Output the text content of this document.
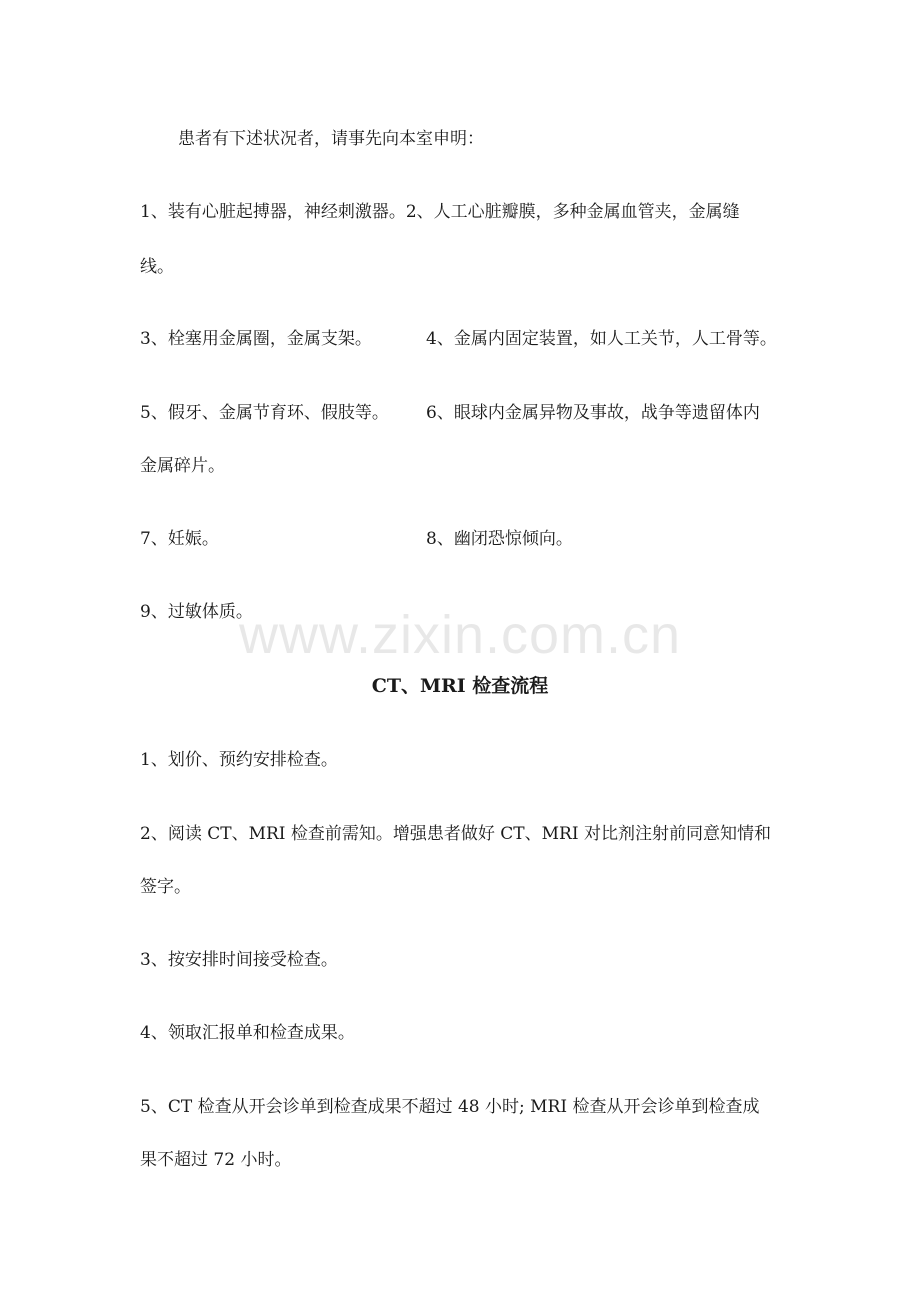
患者有下述状况者，请事先向本室申明：
1、装有心脏起搏器，神经刺激器。2、人工心脏瓣膜，多种金属血管夹，金属缝
线。
3、栓塞用金属圈，金属支架。	4、金属内固定装置，如人工关节，人工骨等。
5、假牙、金属节育环、假肢等。 6、眼球内金属异物及事故，战争等遗留体内
金属碎片。
7、妊娠。	8、幽闭恐惊倾向。
9、过敏体质。
www.zixin.com.cn
CT、MRI 检查流程
1、划价、预约安排检查。
2、阅读 CT、MRI 检查前需知。增强患者做好 CT、MRI 对比剂注射前同意知情和
签字。
3、按安排时间接受检查。
4、领取汇报单和检查成果。
5、CT 检查从开会诊单到检查成果不超过 48 小时; MRI 检查从开会诊单到检查成
果不超过 72 小时。
